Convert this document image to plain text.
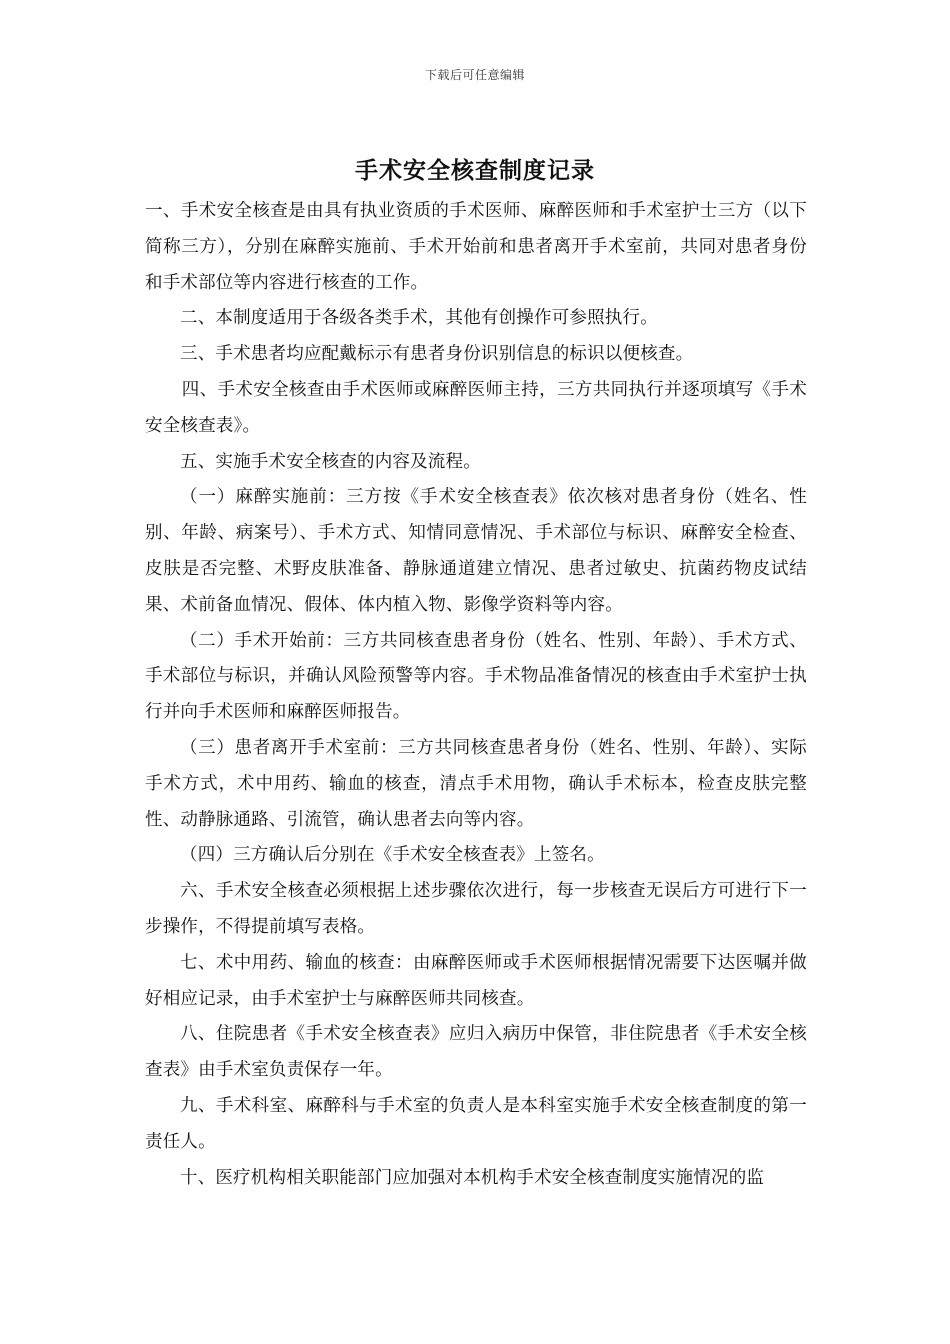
下载后可任意编辑
手术安全核查制度记录

一、手术安全核查是由具有执业资质的手术医师、麻醉医师和手术室护士三方（以下简称三方），分别在麻醉实施前、手术开始前和患者离开手术室前，共同对患者身份和手术部位等内容进行核查的工作。

二、本制度适用于各级各类手术，其他有创操作可参照执行。

三、手术患者均应配戴标示有患者身份识别信息的标识以便核查。

四、手术安全核查由手术医师或麻醉医师主持，三方共同执行并逐项填写《手术安全核查表》。

五、实施手术安全核查的内容及流程。

（一）麻醉实施前：三方按《手术安全核查表》依次核对患者身份（姓名、性别、年龄、病案号）、手术方式、知情同意情况、手术部位与标识、麻醉安全检查、皮肤是否完整、术野皮肤准备、静脉通道建立情况、患者过敏史、抗菌药物皮试结果、术前备血情况、假体、体内植入物、影像学资料等内容。

（二）手术开始前：三方共同核查患者身份（姓名、性别、年龄）、手术方式、手术部位与标识，并确认风险预警等内容。手术物品准备情况的核查由手术室护士执行并向手术医师和麻醉医师报告。

（三）患者离开手术室前：三方共同核查患者身份（姓名、性别、年龄）、实际手术方式，术中用药、输血的核查，清点手术用物，确认手术标本，检查皮肤完整性、动静脉通路、引流管，确认患者去向等内容。

（四）三方确认后分别在《手术安全核查表》上签名。

六、手术安全核查必须根据上述步骤依次进行，每一步核查无误后方可进行下一步操作，不得提前填写表格。

七、术中用药、输血的核查：由麻醉医师或手术医师根据情况需要下达医嘱并做好相应记录，由手术室护士与麻醉医师共同核查。

八、住院患者《手术安全核查表》应归入病历中保管，非住院患者《手术安全核查表》由手术室负责保存一年。

九、手术科室、麻醉科与手术室的负责人是本科室实施手术安全核查制度的第一责任人。

十、医疗机构相关职能部门应加强对本机构手术安全核查制度实施情况的监
